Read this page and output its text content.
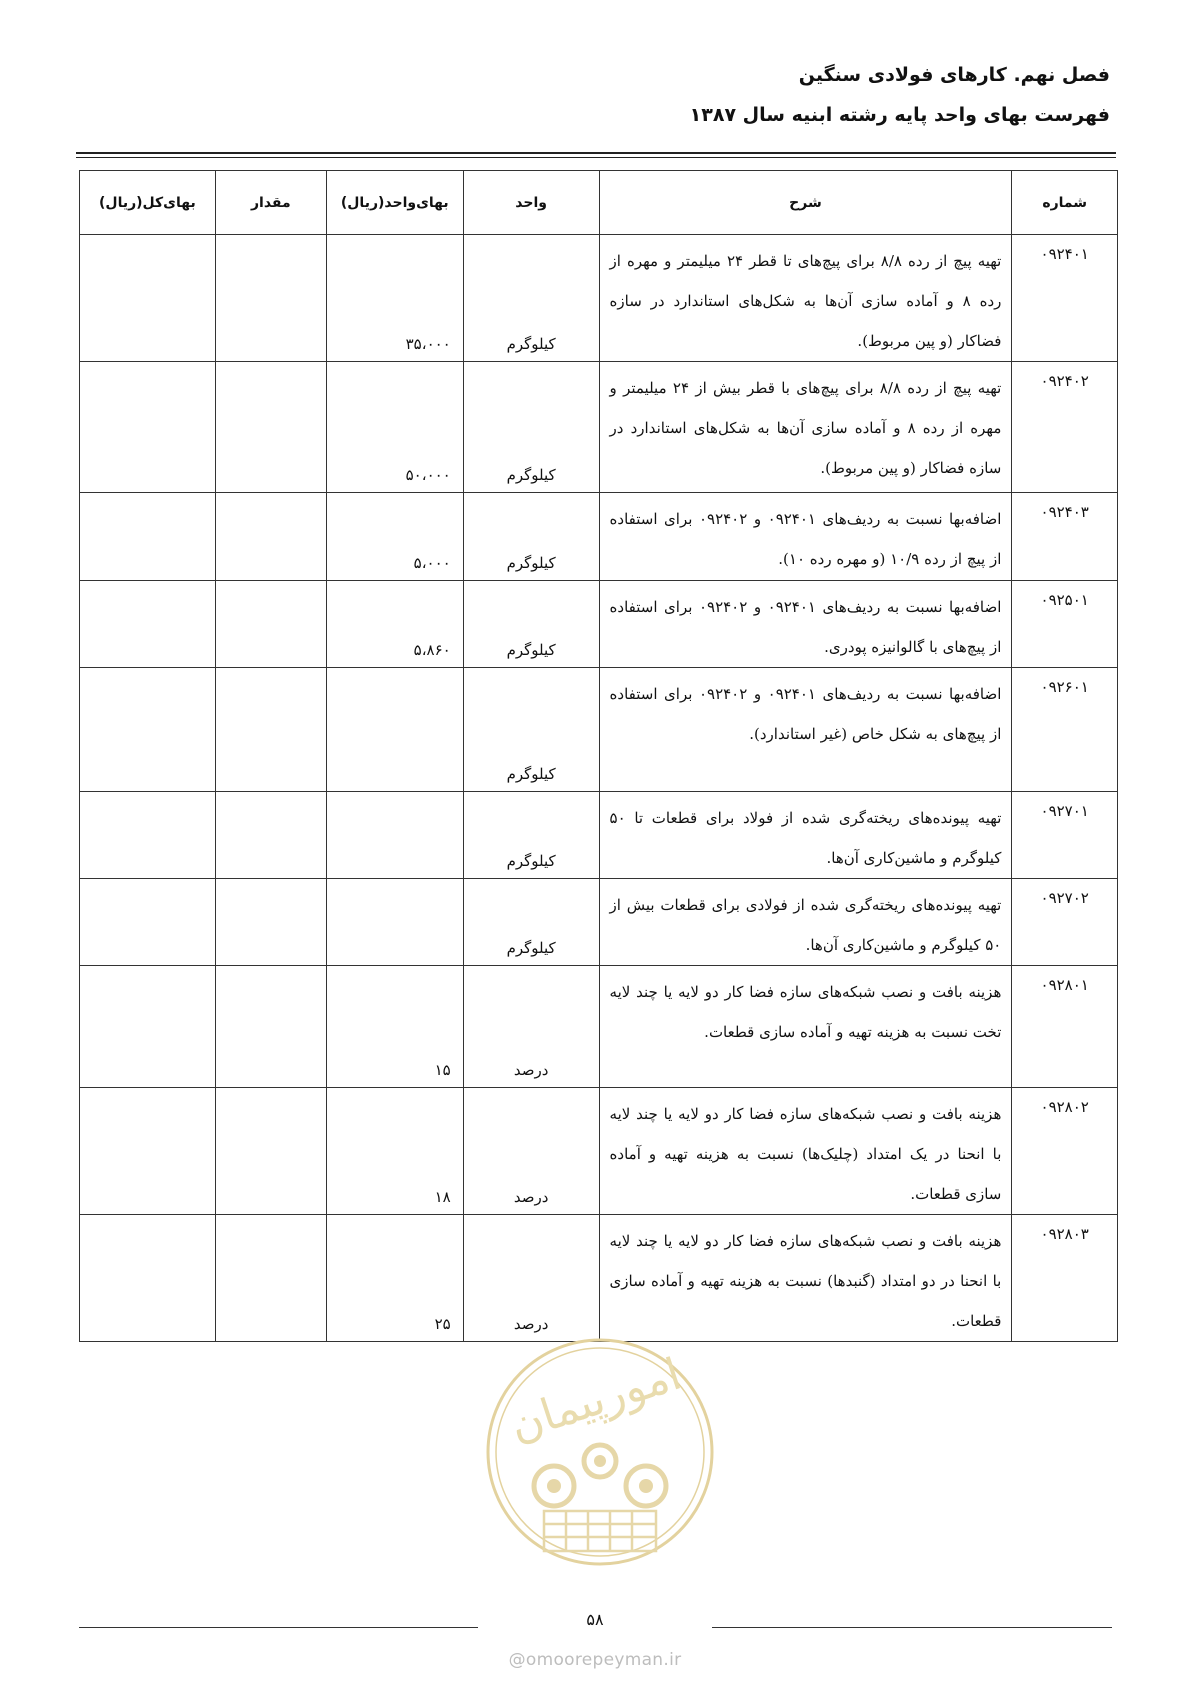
فصل نهم. کارهای فولادی سنگین
فهرست بهای واحد پایه رشته ابنیه سال ۱۳۸۷
شماره	شرح	واحد	بهای‌واحد(ریال)	مقدار	بهای‌کل(ریال)
۰۹۲۴۰۱	تهیه پیچ از رده ۸/۸ برای پیچ‌های تا قطر ۲۴ میلیمتر و مهره از رده ۸ و آماده سازی آن‌ها به شکل‌های استاندارد در سازه فضاکار (و پین مربوط).	کیلوگرم	۳۵،۰۰۰		
۰۹۲۴۰۲	تهیه پیچ از رده ۸/۸ برای پیچ‌های با قطر بیش از ۲۴ میلیمتر و مهره از رده ۸ و آماده سازی آن‌ها به شکل‌های استاندارد در سازه فضاکار (و پین مربوط).	کیلوگرم	۵۰،۰۰۰		
۰۹۲۴۰۳	اضافه‌بها نسبت به ردیف‌های ۰۹۲۴۰۱ و ۰۹۲۴۰۲ برای استفاده از پیچ از رده ۱۰/۹ (و مهره رده ۱۰).	کیلوگرم	۵،۰۰۰		
۰۹۲۵۰۱	اضافه‌بها نسبت به ردیف‌های ۰۹۲۴۰۱ و ۰۹۲۴۰۲ برای استفاده از پیچ‌های با گالوانیزه پودری.	کیلوگرم	۵،۸۶۰		
۰۹۲۶۰۱	اضافه‌بها نسبت به ردیف‌های ۰۹۲۴۰۱ و ۰۹۲۴۰۲ برای استفاده از پیچ‌های به شکل خاص (غیر استاندارد).	کیلوگرم			
۰۹۲۷۰۱	تهیه پیونده‌های ریخته‌گری شده از فولاد برای قطعات تا ۵۰ کیلوگرم و ماشین‌کاری آن‌ها.	کیلوگرم			
۰۹۲۷۰۲	تهیه پیونده‌های ریخته‌گری شده از فولادی برای قطعات بیش از ۵۰ کیلوگرم و ماشین‌کاری آن‌ها.	کیلوگرم			
۰۹۲۸۰۱	هزینه بافت و نصب شبکه‌های سازه فضا کار دو لایه یا چند لایه تخت نسبت به هزینه تهیه و آماده سازی قطعات.	درصد	۱۵		
۰۹۲۸۰۲	هزینه بافت و نصب شبکه‌های سازه فضا کار دو لایه یا چند لایه با انحنا در یک امتداد (چلیک‌ها) نسبت به هزینه تهیه و آماده سازی قطعات.	درصد	۱۸		
۰۹۲۸۰۳	هزینه بافت و نصب شبکه‌های سازه فضا کار دو لایه یا چند لایه با انحنا در دو امتداد (گنبدها) نسبت به هزینه تهیه و آماده سازی قطعات.	درصد	۲۵		
امورپیمان
۵۸
@omoorepeyman.ir
